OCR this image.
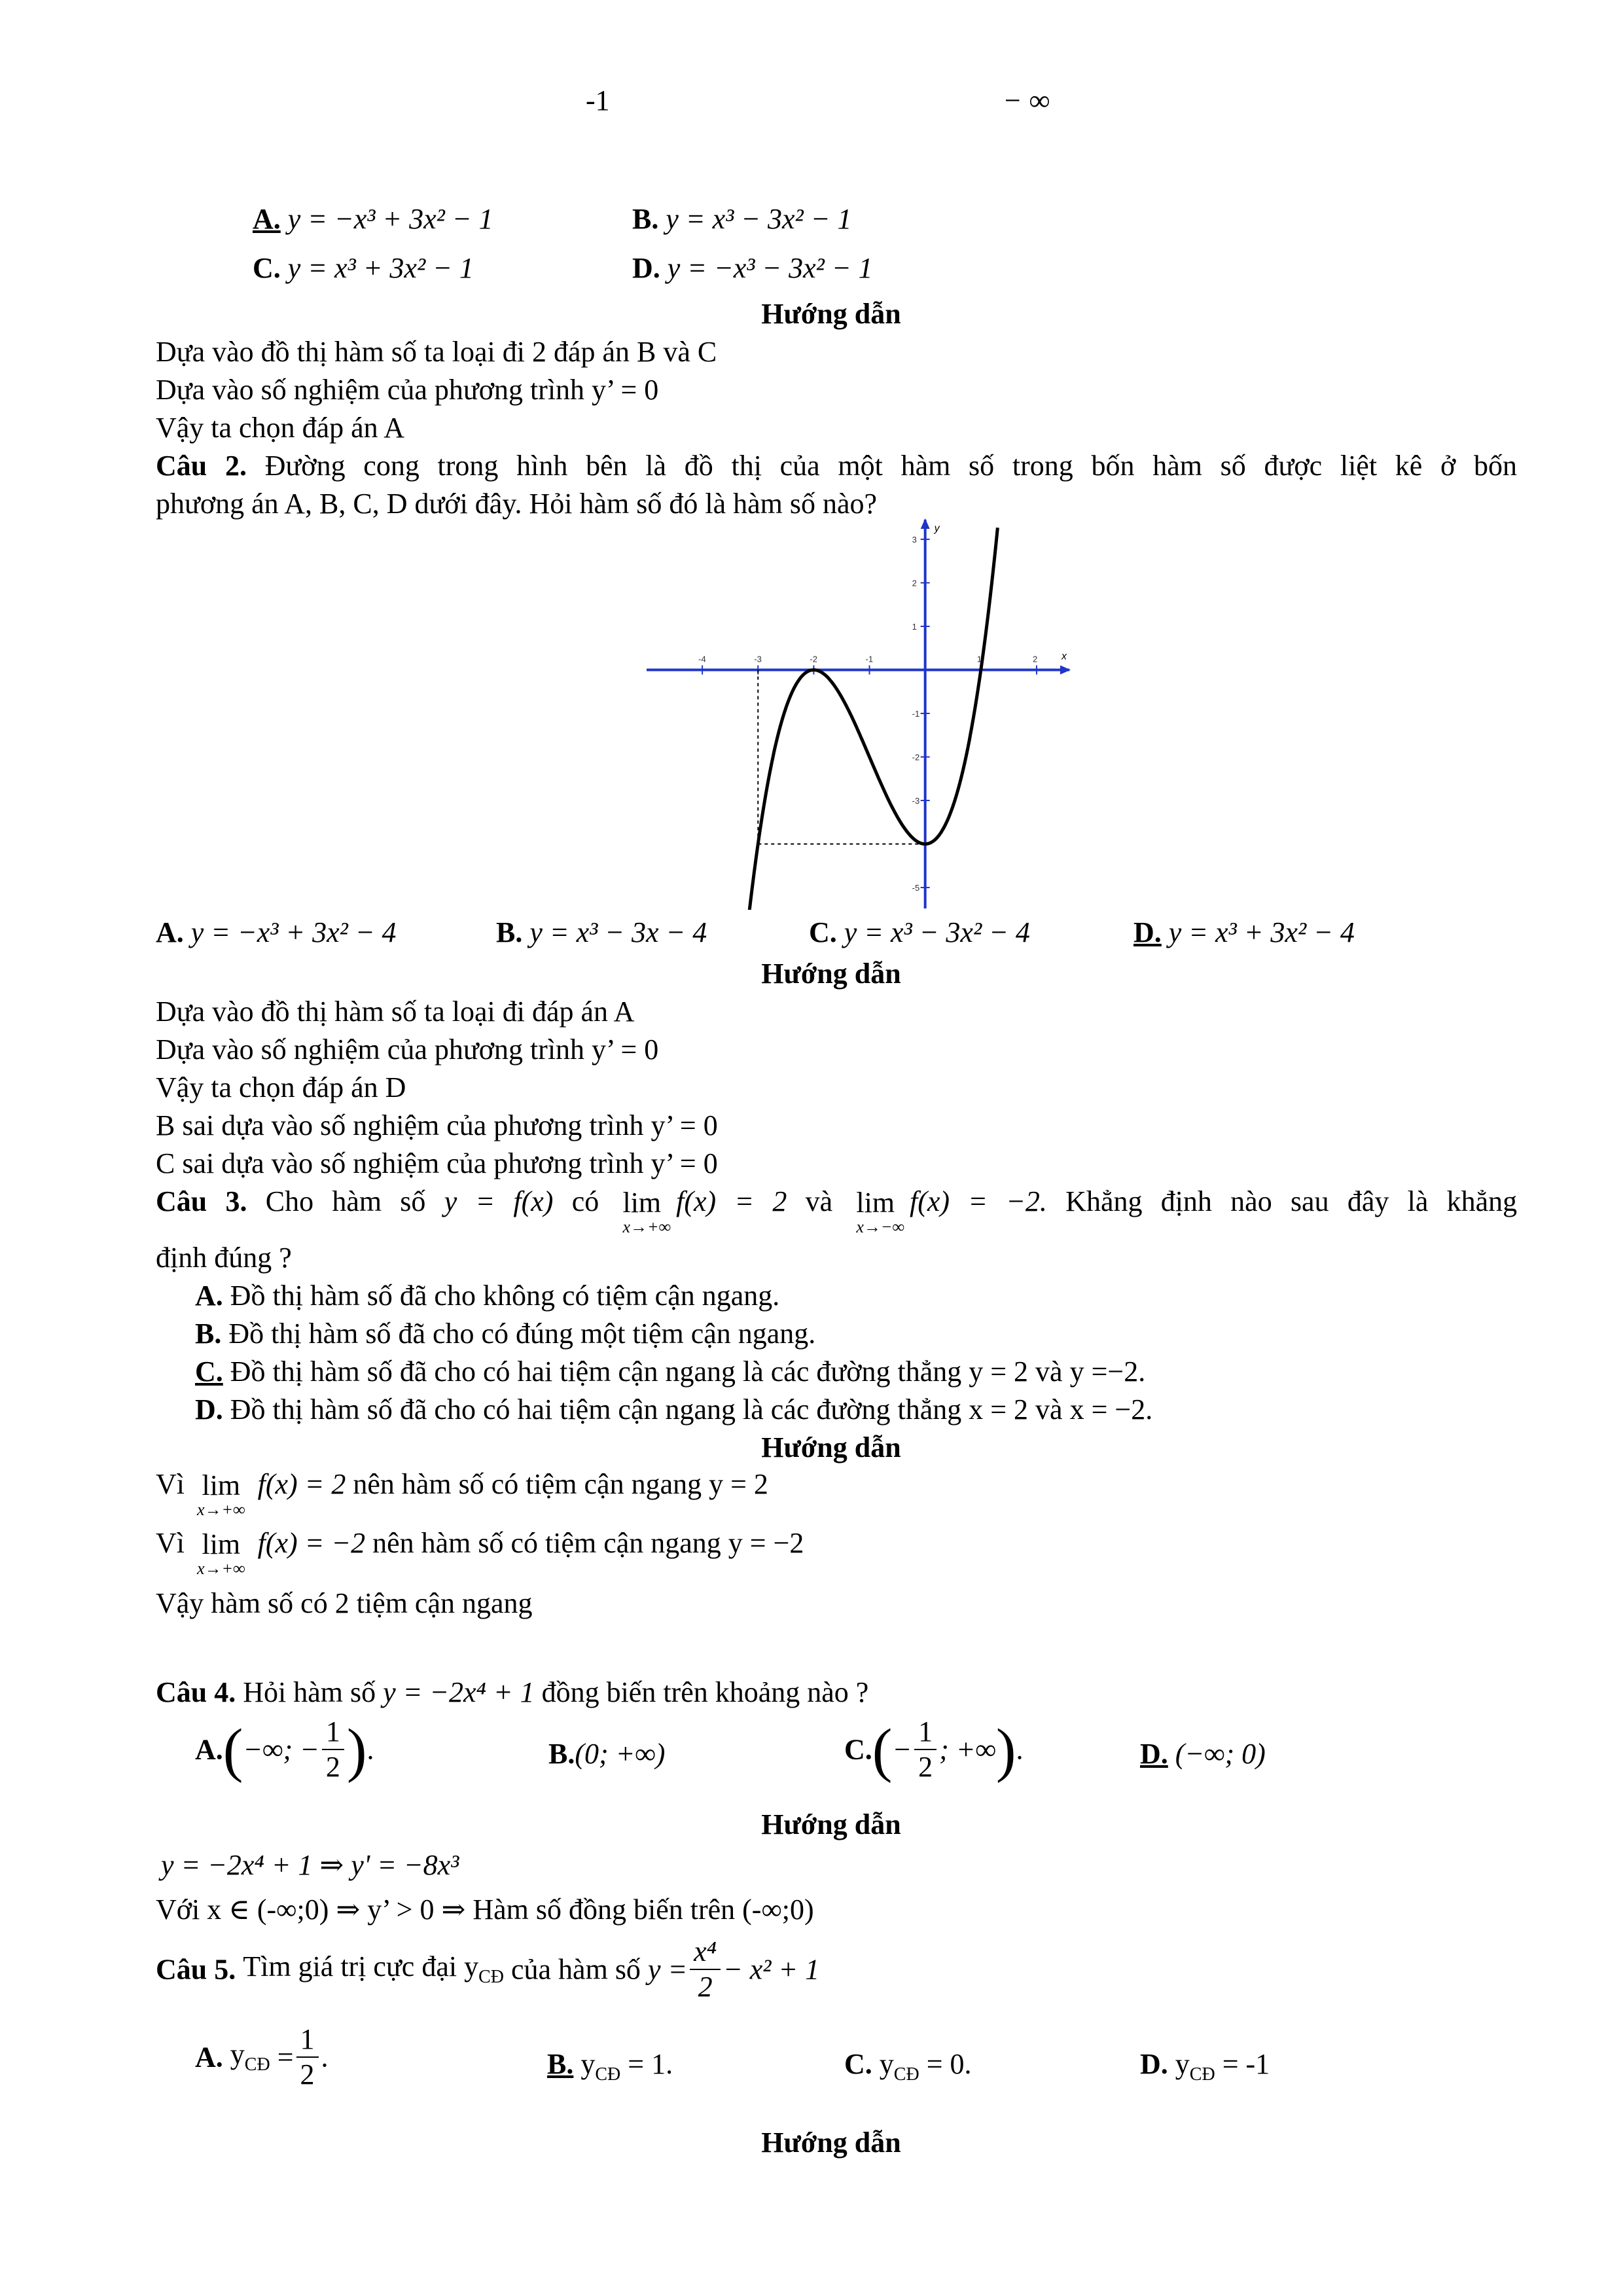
-1	− ∞
A. y = −x³ + 3x² − 1	B. y = x³ − 3x² − 1
C. y = x³ + 3x² − 1	D. y = −x³ − 3x² − 1
Hướng dẫn
Dựa vào đồ thị hàm số ta loại đi 2 đáp án B và C
Dựa vào số nghiệm của phương trình y’ = 0
Vậy ta chọn đáp án A
Câu 2. Đường cong trong hình bên là đồ thị của một hàm số trong bốn hàm số được liệt kê ở bốn
phương án A, B, C, D dưới đây. Hỏi hàm số đó là hàm số nào?
x
y
-4	-3	-2	-1	1	2
3
2
1
-1
-2
-3
-5
A. y = −x³ + 3x² − 4	B. y = x³ − 3x − 4	C. y = x³ − 3x² − 4	D. y = x³ + 3x² − 4
Hướng dẫn
Dựa vào đồ thị hàm số ta loại đi đáp án A
Dựa vào số nghiệm của phương trình y’ = 0
Vậy ta chọn đáp án D
B sai dựa vào số nghiệm của phương trình y’ = 0
C sai dựa vào số nghiệm của phương trình y’ = 0
Câu 3. Cho hàm số y = f(x) có lim
x→+∞
f(x) = 2 và lim
x→−∞
f(x) = −2. Khẳng định nào sau đây là khẳng
định đúng ?
A. Đồ thị hàm số đã cho không có tiệm cận ngang.
B. Đồ thị hàm số đã cho có đúng một tiệm cận ngang.
C. Đồ thị hàm số đã cho có hai tiệm cận ngang là các đường thẳng y = 2 và y =−2.
D. Đồ thị hàm số đã cho có hai tiệm cận ngang là các đường thẳng x = 2 và x = −2.
Hướng dẫn
Vì lim
x→+∞
f(x) = 2 nên hàm số có tiệm cận ngang y = 2
Vì lim
x→+∞
f(x) = −2 nên hàm số có tiệm cận ngang y = −2
Vậy hàm số có 2 tiệm cận ngang
Câu 4. Hỏi hàm số y = −2x⁴ + 1 đồng biến trên khoảng nào ?
A.(−∞; − $\frac{1}{2}$ ).	B.(0; +∞)	$C.(- \frac{1}{2}$ ; +∞).	D. (−∞; 0)
Hướng dẫn
y = −2x⁴ + 1 ⇒ y' = −8x³
Với x ∈ (-∞;0) ⇒ y’ > 0 ⇒ Hàm số đồng biến trên (-∞;0)
Câu 5. Tìm giá trị cực đại $y_{CĐ}$ của hàm số $y = \frac{\text{x⁴}}{2} - x^2 + 1$
A. $y_{CĐ} = \frac{1}{2}$ .	B. $y_{CĐ} = 1$.	C. $y_{CĐ} = 0$.	D. $y_{CĐ} = -1$
Hướng dẫn
